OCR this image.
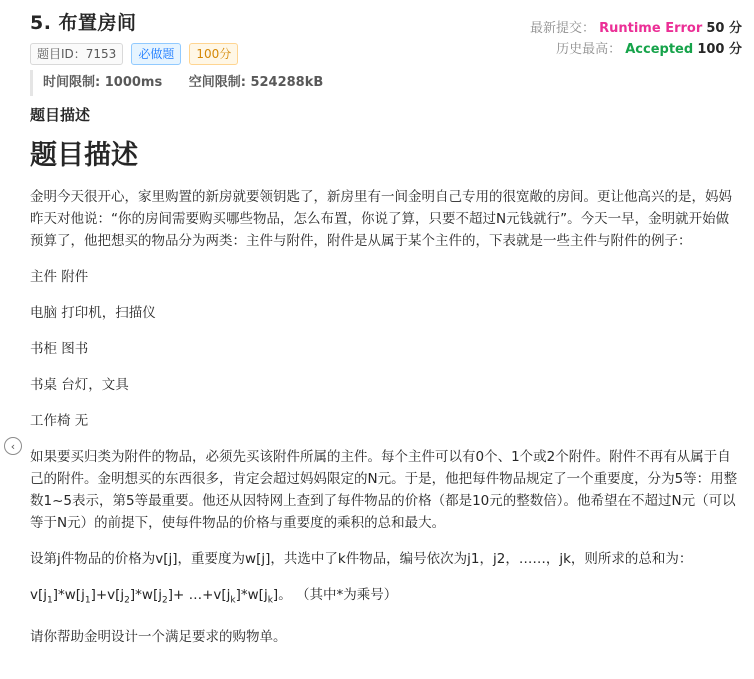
5. 布置房间
题目ID：7153	必做题	100分
最新提交： Runtime Error 50 分
历史最高： Accepted 100 分
时间限制: 1000ms 空间限制: 524288kB
‹
题目描述
题目描述

金明今天很开心，家里购置的新房就要领钥匙了，新房里有一间金明自己专用的很宽敞的房间。更让他高兴的是，妈妈昨天对他说：“你的房间需要购买哪些物品，怎么布置，你说了算，只要不超过N元钱就行”。今天一早，金明就开始做预算了，他把想买的物品分为两类：主件与附件，附件是从属于某个主件的，下表就是一些主件与附件的例子：

主件 附件

电脑 打印机，扫描仪

书柜 图书

书桌 台灯，文具

工作椅 无

如果要买归类为附件的物品，必须先买该附件所属的主件。每个主件可以有0个、1个或2个附件。附件不再有从属于自己的附件。金明想买的东西很多，肯定会超过妈妈限定的N元。于是，他把每件物品规定了一个重要度，分为5等：用整数1~5表示，第5等最重要。他还从因特网上查到了每件物品的价格（都是10元的整数倍）。他希望在不超过N元（可以等于N元）的前提下，使每件物品的价格与重要度的乘积的总和最大。

设第j件物品的价格为v[j]，重要度为w[j]，共选中了k件物品，编号依次为j1，j2，……，jk，则所求的总和为：

$v[j_1]*w[j_1]+v[j_2]*w[j_2]+$ $\dots+v[j_k]*w[j_k]$。 （其中*为乘号）

请你帮助金明设计一个满足要求的购物单。
